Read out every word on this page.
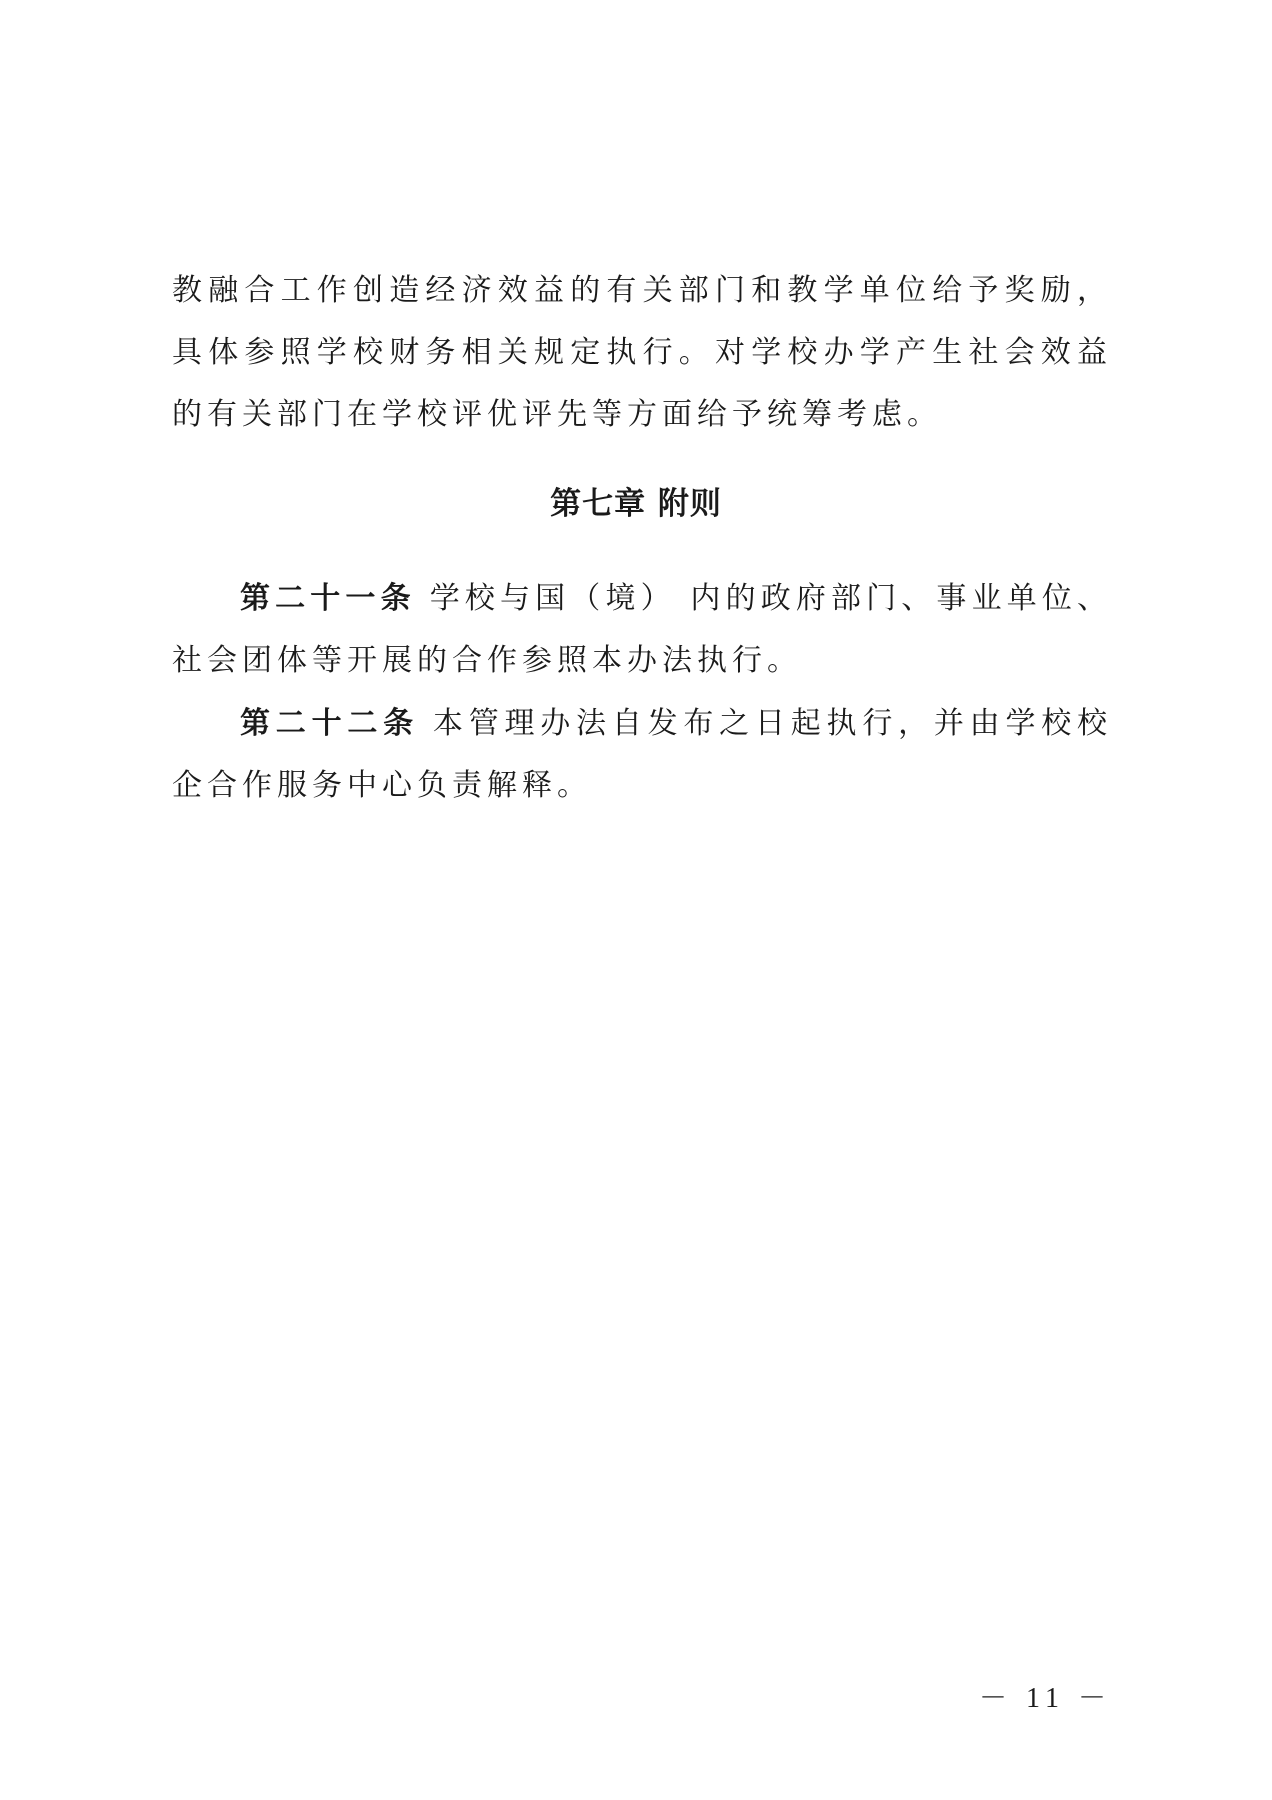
教融合工作创造经济效益的有关部门和教学单位给予奖励，具体参照学校财务相关规定执行。对学校办学产生社会效益的有关部门在学校评优评先等方面给予统筹考虑。

第七章 附则

第二十一条 学校与国（境） 内的政府部门、事业单位、社会团体等开展的合作参照本办法执行。

第二十二条 本管理办法自发布之日起执行，并由学校校企合作服务中心负责解释。

－ 11 －
